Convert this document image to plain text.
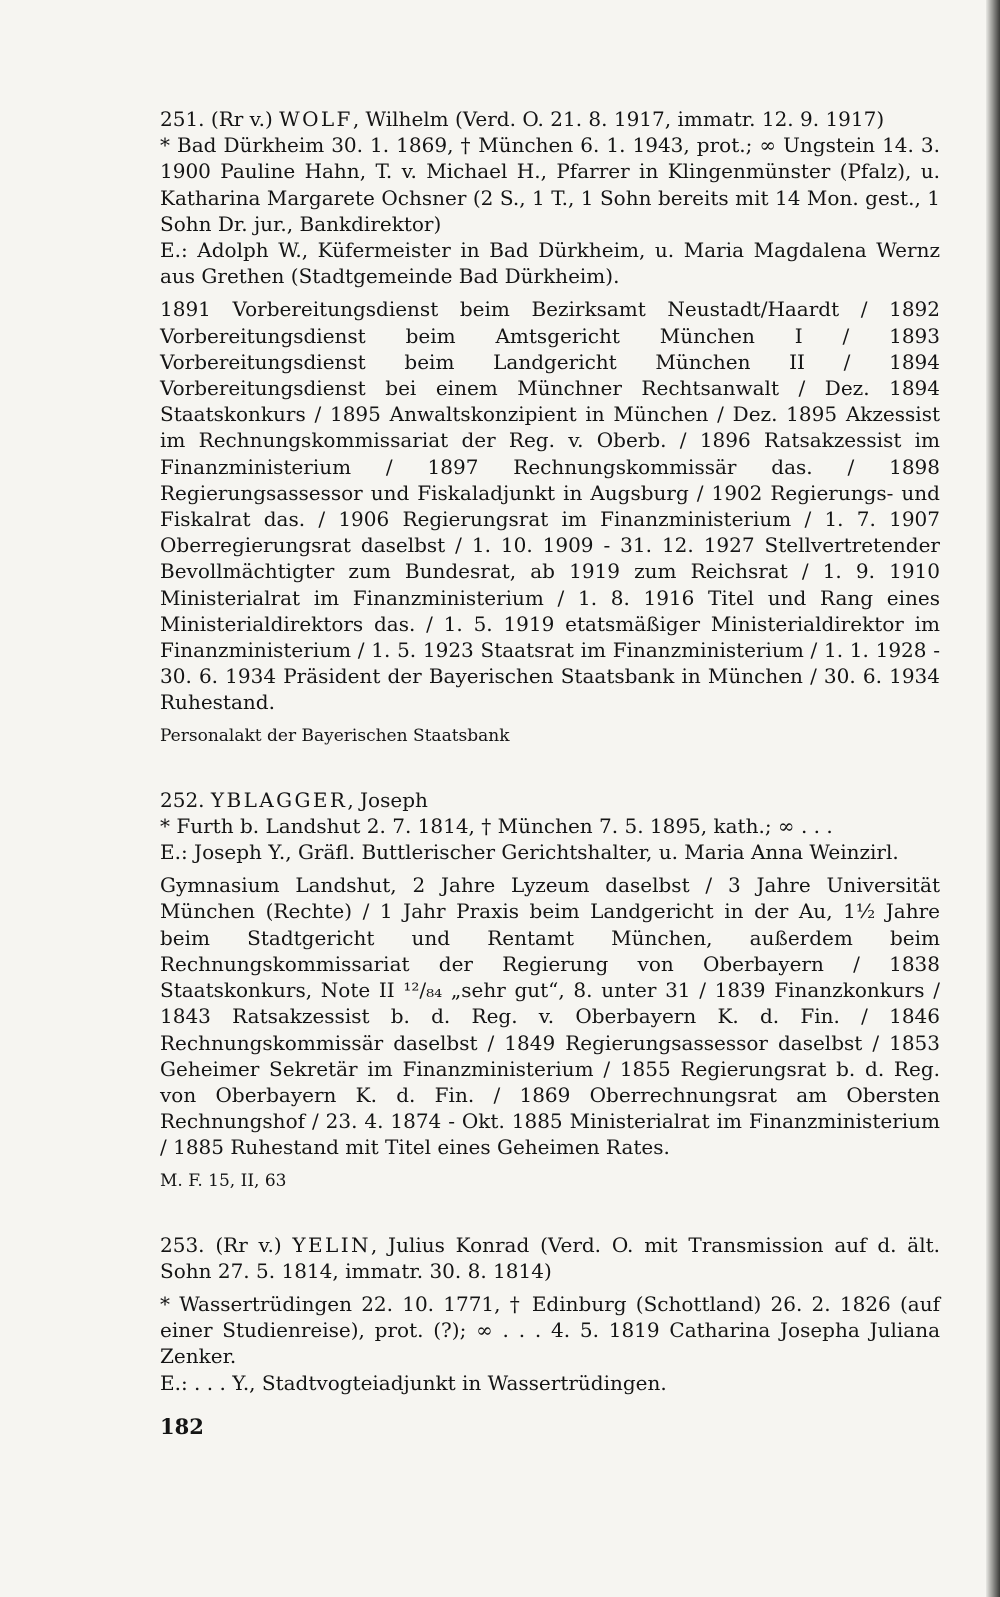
251. (Rr v.) WOLF, Wilhelm (Verd. O. 21. 8. 1917, immatr. 12. 9. 1917)

* Bad Dürkheim 30. 1. 1869, † München 6. 1. 1943, prot.; ∞ Ungstein 14. 3. 1900 Pauline Hahn, T. v. Michael H., Pfarrer in Klingenmünster (Pfalz), u. Katharina Margarete Ochsner (2 S., 1 T., 1 Sohn bereits mit 14 Mon. gest., 1 Sohn Dr. jur., Bankdirektor)

E.: Adolph W., Küfermeister in Bad Dürkheim, u. Maria Magdalena Wernz aus Grethen (Stadtgemeinde Bad Dürkheim).

1891 Vorbereitungsdienst beim Bezirksamt Neustadt/Haardt / 1892 Vorbereitungsdienst beim Amtsgericht München I / 1893 Vorbereitungsdienst beim Landgericht München II / 1894 Vorbereitungsdienst bei einem Münchner Rechtsanwalt / Dez. 1894 Staatskonkurs / 1895 Anwaltskonzipient in München / Dez. 1895 Akzessist im Rechnungskommissariat der Reg. v. Oberb. / 1896 Ratsakzessist im Finanzministerium / 1897 Rechnungskommissär das. / 1898 Regierungsassessor und Fiskaladjunkt in Augsburg / 1902 Regierungs- und Fiskalrat das. / 1906 Regierungsrat im Finanzministerium / 1. 7. 1907 Oberregierungsrat daselbst / 1. 10. 1909 - 31. 12. 1927 Stellvertretender Bevollmächtigter zum Bundesrat, ab 1919 zum Reichsrat / 1. 9. 1910 Ministerialrat im Finanzministerium / 1. 8. 1916 Titel und Rang eines Ministerialdirektors das. / 1. 5. 1919 etatsmäßiger Ministerialdirektor im Finanzministerium / 1. 5. 1923 Staatsrat im Finanzministerium / 1. 1. 1928 - 30. 6. 1934 Präsident der Bayerischen Staatsbank in München / 30. 6. 1934 Ruhestand.

Personalakt der Bayerischen Staatsbank

252. YBLAGGER, Joseph

* Furth b. Landshut 2. 7. 1814, † München 7. 5. 1895, kath.; ∞ . . .

E.: Joseph Y., Gräfl. Buttlerischer Gerichtshalter, u. Maria Anna Weinzirl.

Gymnasium Landshut, 2 Jahre Lyzeum daselbst / 3 Jahre Universität München (Rechte) / 1 Jahr Praxis beim Landgericht in der Au, 1½ Jahre beim Stadtgericht und Rentamt München, außerdem beim Rechnungskommissariat der Regierung von Oberbayern / 1838 Staatskonkurs, Note II ¹²/₈₄ „sehr gut“, 8. unter 31 / 1839 Finanzkonkurs / 1843 Ratsakzessist b. d. Reg. v. Oberbayern K. d. Fin. / 1846 Rechnungskommissär daselbst / 1849 Regierungsassessor daselbst / 1853 Geheimer Sekretär im Finanzministerium / 1855 Regierungsrat b. d. Reg. von Oberbayern K. d. Fin. / 1869 Oberrechnungsrat am Obersten Rechnungshof / 23. 4. 1874 - Okt. 1885 Ministerialrat im Finanzministerium / 1885 Ruhestand mit Titel eines Geheimen Rates.

M. F. 15, II, 63

253. (Rr v.) YELIN, Julius Konrad (Verd. O. mit Transmission auf d. ält. Sohn 27. 5. 1814, immatr. 30. 8. 1814)

* Wassertrüdingen 22. 10. 1771, † Edinburg (Schottland) 26. 2. 1826 (auf einer Studienreise), prot. (?); ∞ . . . 4. 5. 1819 Catharina Josepha Juliana Zenker.

E.: . . . Y., Stadtvogteiadjunkt in Wassertrüdingen.

182
